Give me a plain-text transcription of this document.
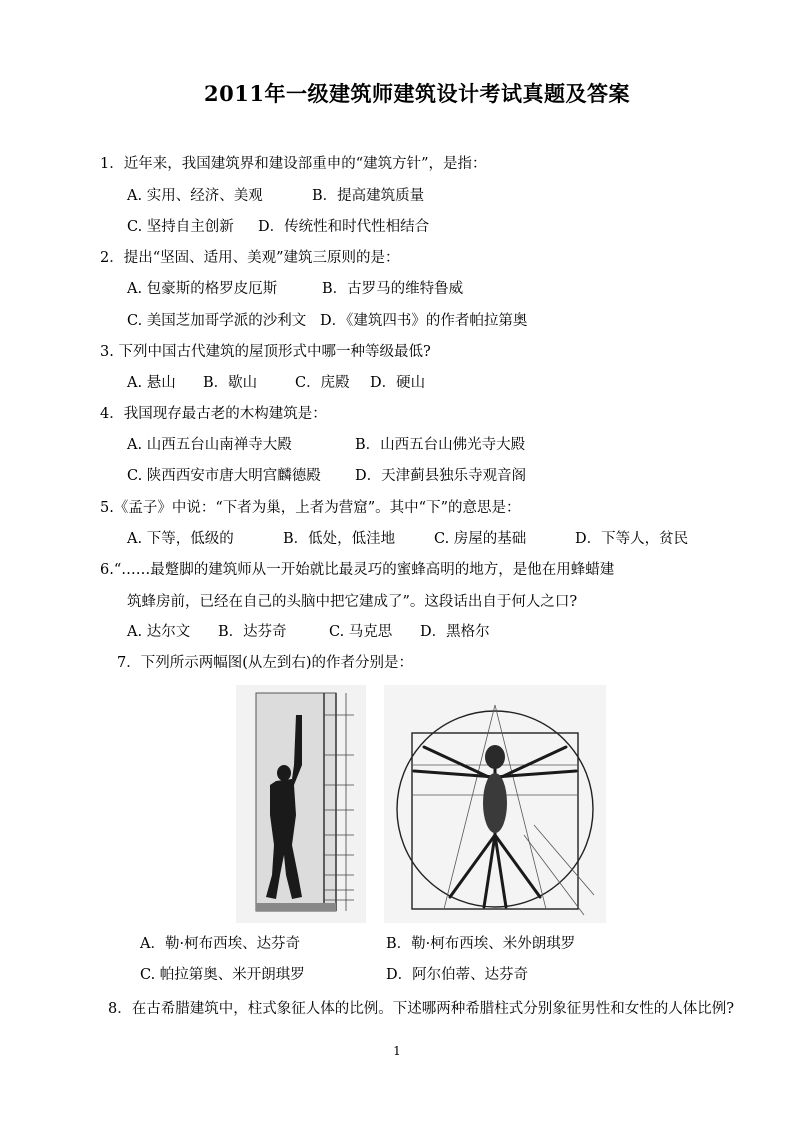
2011年一级建筑师建筑设计考试真题及答案
1．近年来，我国建筑界和建设部重申的“建筑方针”，是指：
A. 实用、经济、美观	B．提高建筑质量
C. 坚持自主创新 D．传统性和时代性相结合
2．提出“坚固、适用、美观”建筑三原则的是：
A. 包豪斯的格罗皮厄斯	B．古罗马的维特鲁威
C. 美国芝加哥学派的沙利文 D．《建筑四书》的作者帕拉第奥
3. 下列中国古代建筑的屋顶形式中哪一种等级最低?
A. 悬山 B．歇山	C．庑殿 D．硬山
4．我国现存最古老的木构建筑是：
A. 山西五台山南禅寺大殿	B．山西五台山佛光寺大殿
C. 陕西西安市唐大明宫麟德殿 D．天津蓟县独乐寺观音阁
5.《孟子》中说：“下者为巢，上者为营窟”。其中“下”的意思是：
A. 下等，低级的	B．低处，低洼地	C. 房屋的基础	D．下等人，贫民
6.“……最蹩脚的建筑师从一开始就比最灵巧的蜜蜂高明的地方，是他在用蜂蜡建
筑蜂房前，已经在自己的头脑中把它建成了”。这段话出自于何人之口?
A. 达尔文 B．达芬奇	C. 马克思 D．黑格尔
7．下列所示两幅图(从左到右)的作者分别是：
A．勒·柯布西埃、达芬奇	B．勒·柯布西埃、米外朗琪罗
C. 帕拉第奥、米开朗琪罗	D．阿尔伯蒂、达芬奇
8．在古希腊建筑中，柱式象征人体的比例。下述哪两种希腊柱式分别象征男性和女性的人体比例?
1
